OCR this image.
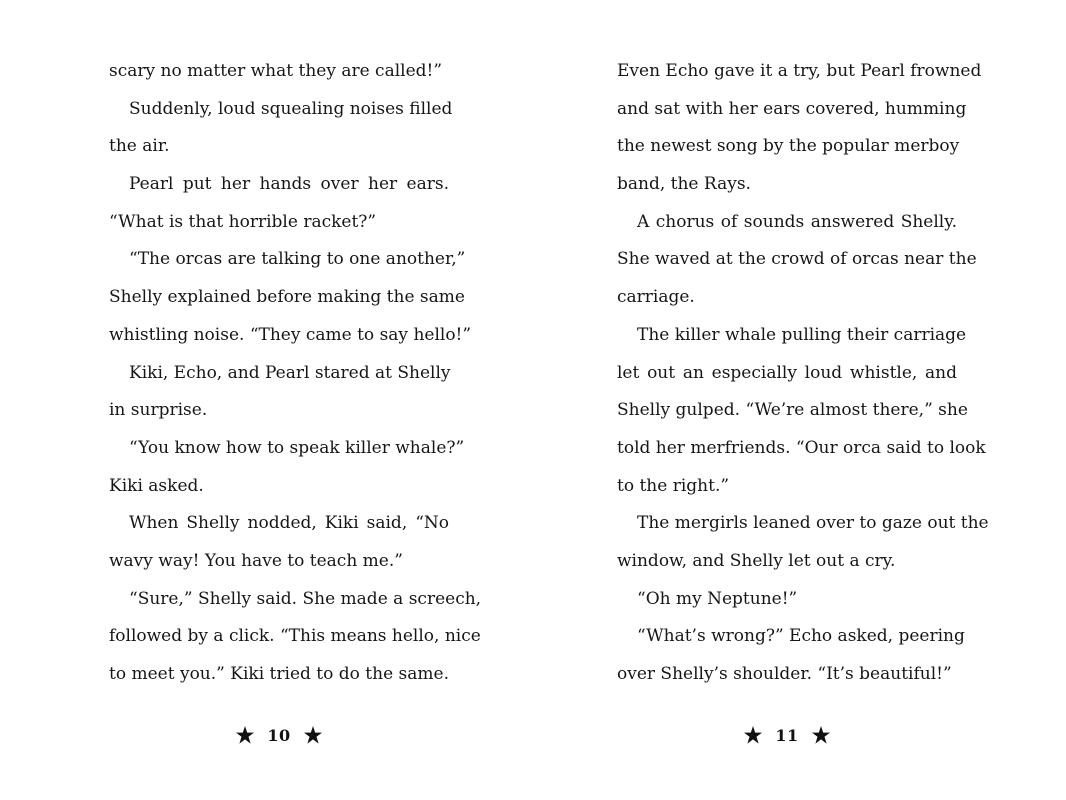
scary no matter what they are called!”
Suddenly, loud squealing noises filled
the air.
Pearl put her hands over her ears.
“What is that horrible racket?”
“The orcas are talking to one another,”
Shelly explained before making the same
whistling noise. “They came to say hello!”
Kiki, Echo, and Pearl stared at Shelly
in surprise.
“You know how to speak killer whale?”
Kiki asked.
When Shelly nodded, Kiki said, “No
wavy way! You have to teach me.”
“Sure,” Shelly said. She made a screech,
followed by a click. “This means hello, nice
to meet you.” Kiki tried to do the same.
10
Even Echo gave it a try, but Pearl frowned
and sat with her ears covered, humming
the newest song by the popular merboy
band, the Rays.
A chorus of sounds answered Shelly.
She waved at the crowd of orcas near the
carriage.
The killer whale pulling their carriage
let out an especially loud whistle, and
Shelly gulped. “We’re almost there,” she
told her merfriends. “Our orca said to look
to the right.”
The mergirls leaned over to gaze out the
window, and Shelly let out a cry.
“Oh my Neptune!”
“What’s wrong?” Echo asked, peering
over Shelly’s shoulder. “It’s beautiful!”
11
